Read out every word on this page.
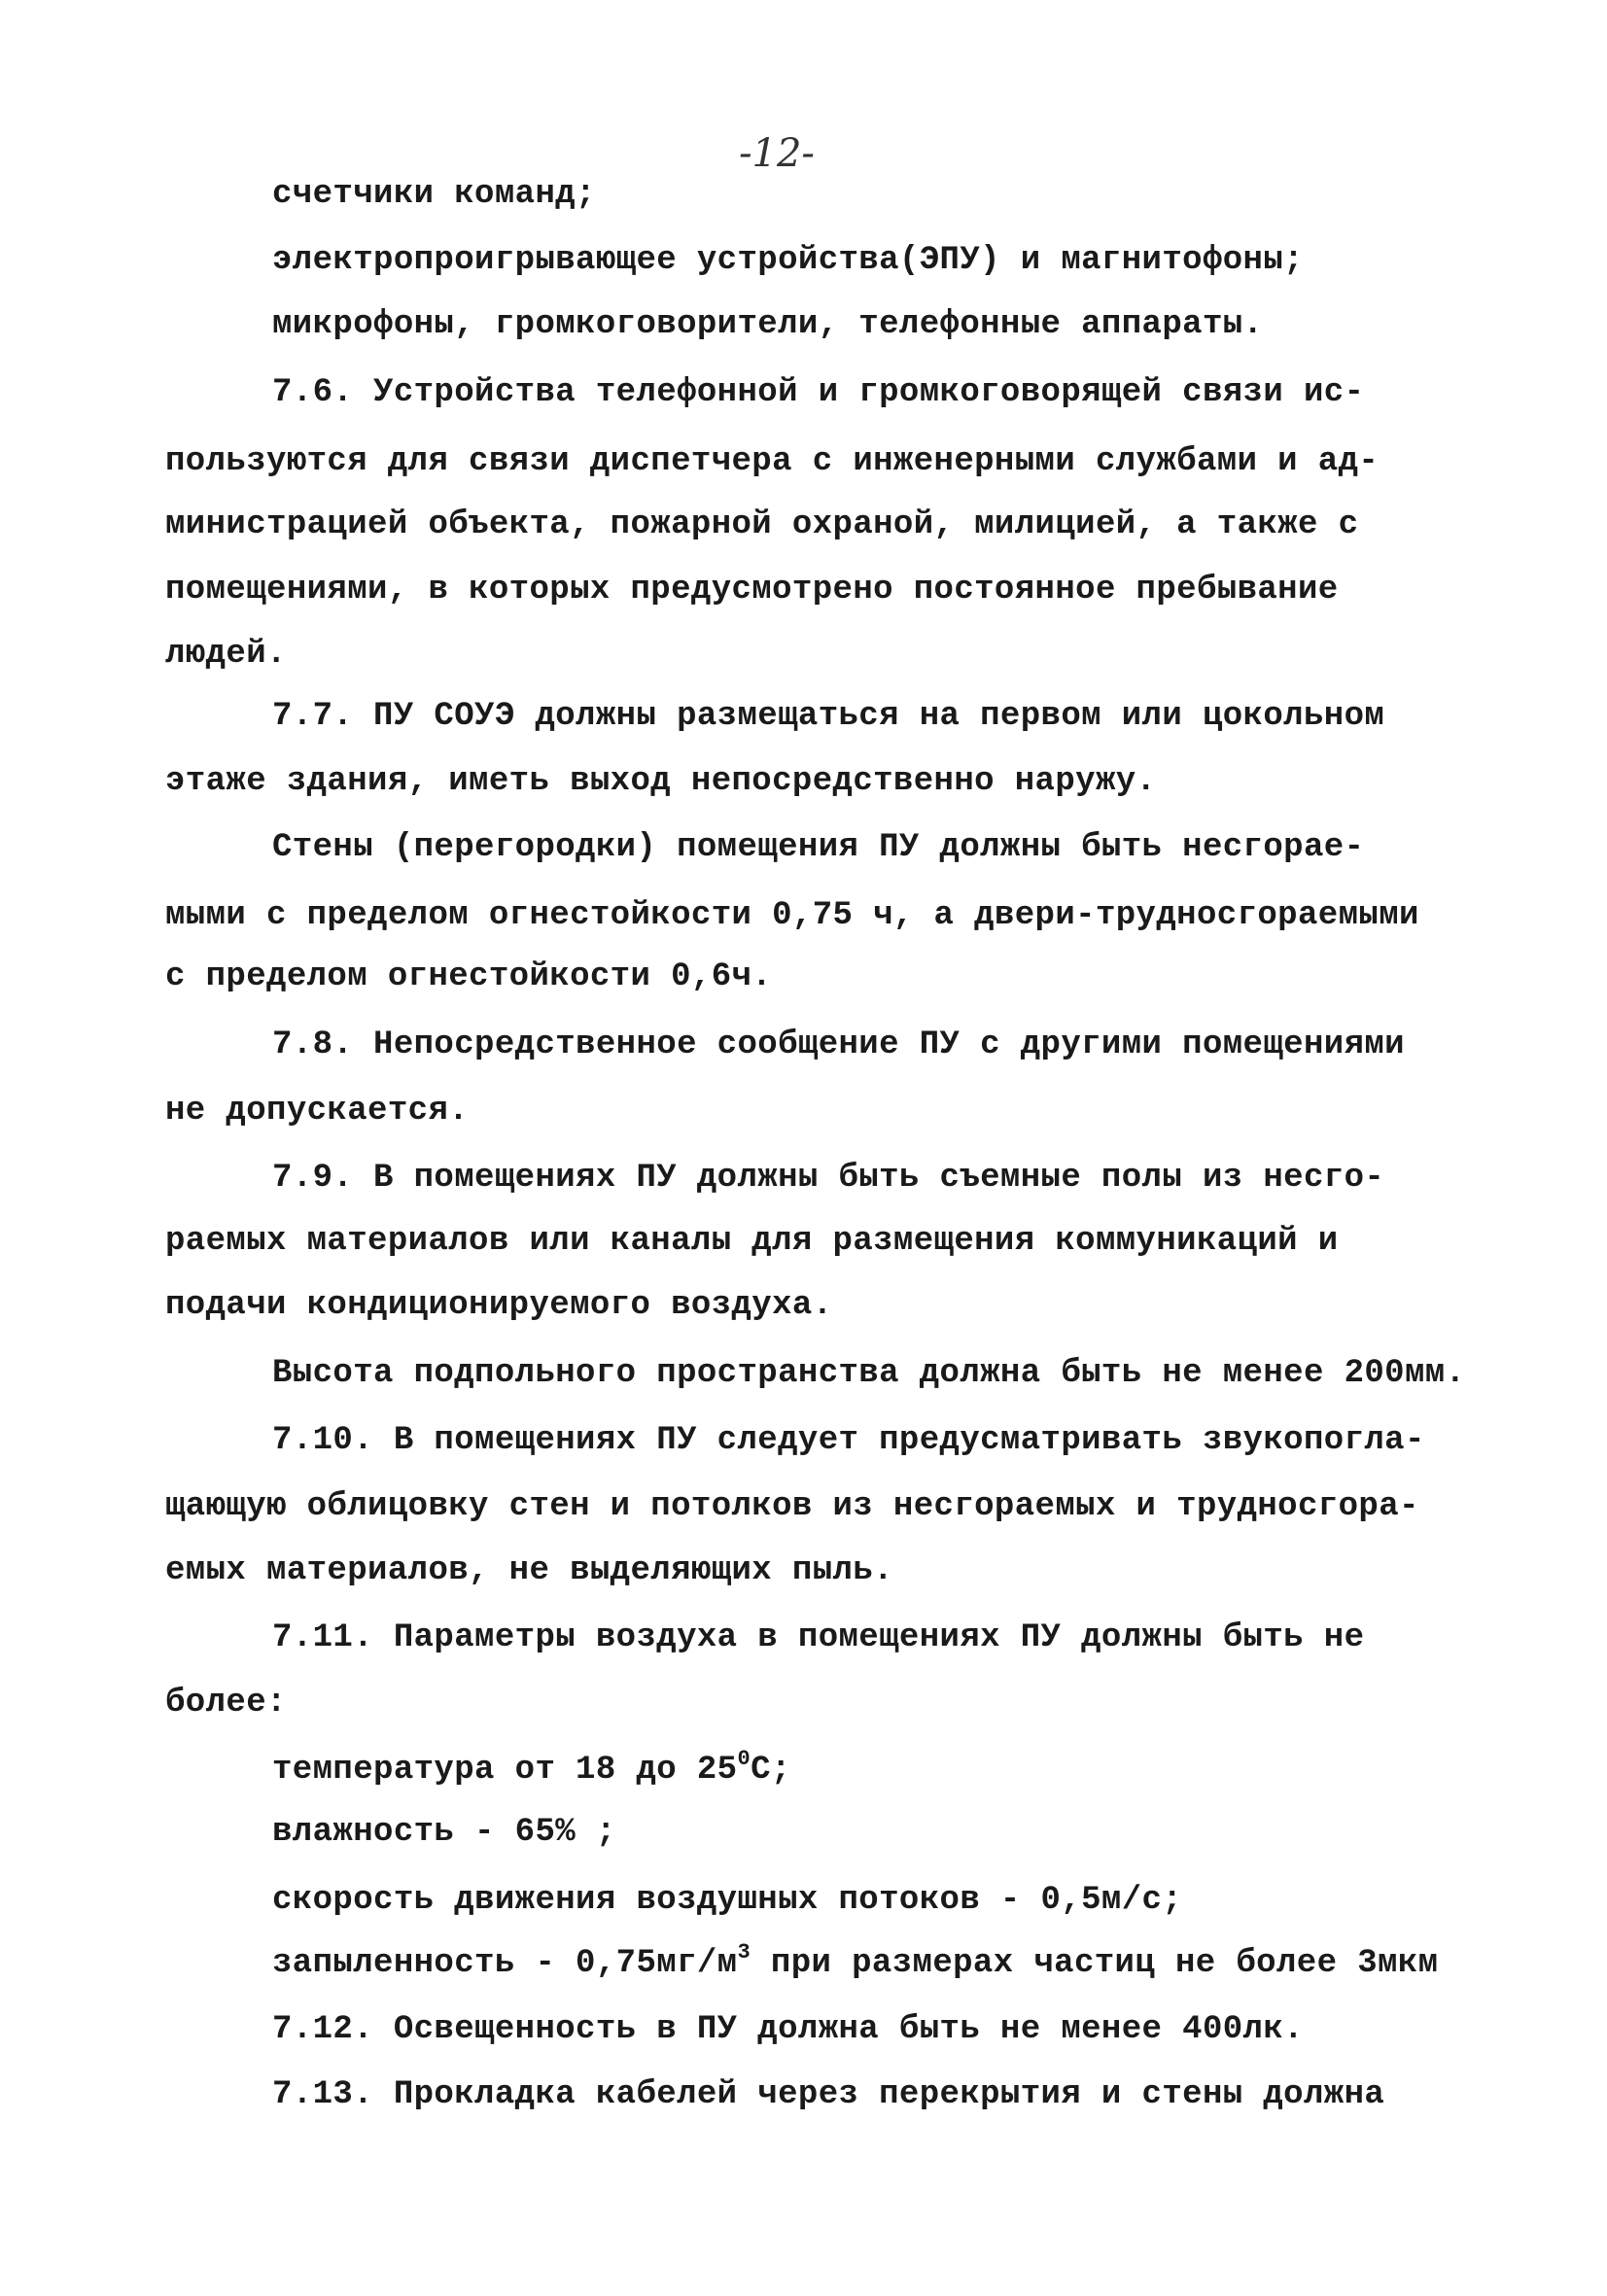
-12-
счетчики команд;
электропроигрывающее устройства(ЭПУ) и магнитофоны;
микрофоны, громкоговорители, телефонные аппараты.
7.6. Устройства телефонной и громкоговорящей связи ис-
пользуются для связи диспетчера с инженерными службами и ад-
министрацией объекта, пожарной охраной, милицией, а также с
помещениями, в которых предусмотрено постоянное пребывание
людей.
7.7. ПУ СОУЭ должны размещаться на первом или цокольном
этаже здания, иметь выход непосредственно наружу.
Стены (перегородки) помещения ПУ должны быть несгорае-
мыми с пределом огнестойкости 0,75 ч, а двери-трудносгораемыми
с пределом огнестойкости 0,6ч.
7.8. Непосредственное сообщение ПУ с другими помещениями
не допускается.
7.9. В помещениях ПУ должны быть съемные полы из несго-
раемых материалов или каналы для размещения коммуникаций и
подачи кондиционируемого воздуха.
Высота подпольного пространства должна быть не менее 200мм.
7.10. В помещениях ПУ следует предусматривать звукопогла-
щающую облицовку стен и потолков из несгораемых и трудносгора-
емых материалов, не выделяющих пыль.
7.11. Параметры воздуха в помещениях ПУ должны быть не
более:
температура от 18 до $25^0С$;
влажность - 65% ;
скорость движения воздушных потоков - 0,5м/с;
запыленность - $0,75мг/м^3$ при размерах частиц не более 3мкм
7.12. Освещенность в ПУ должна быть не менее 400лк.
7.13. Прокладка кабелей через перекрытия и стены должна
